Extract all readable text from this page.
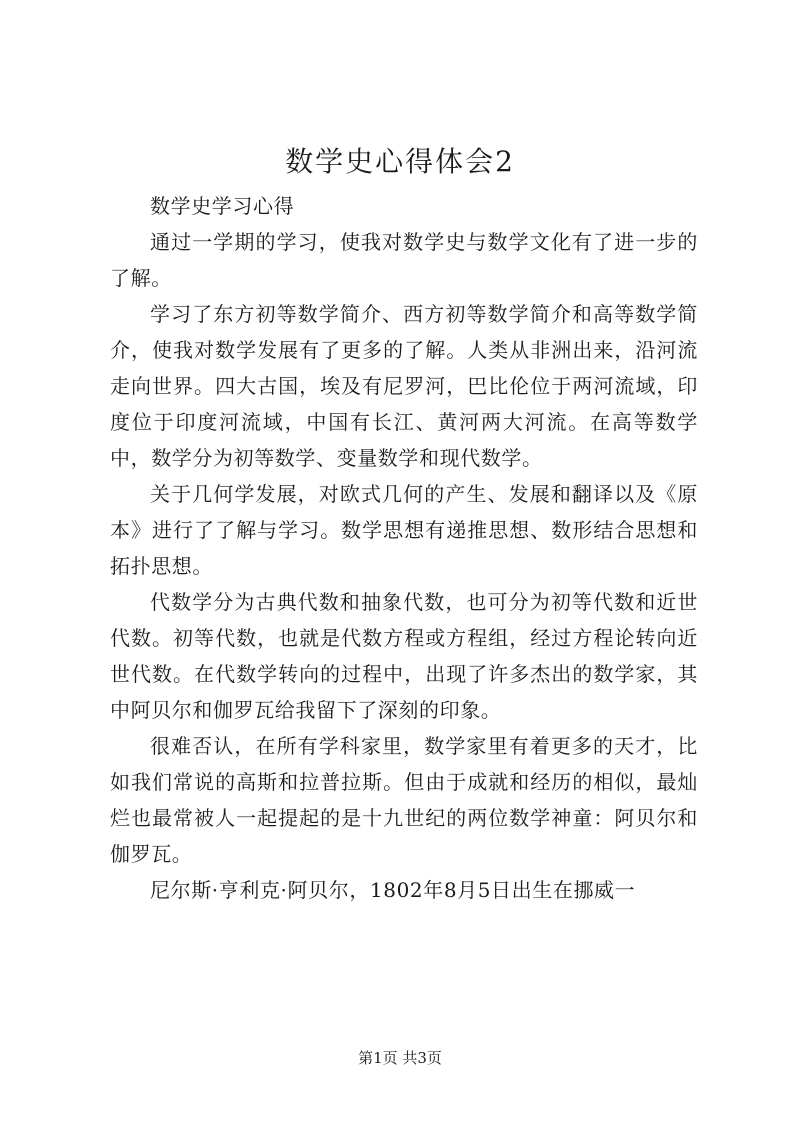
数学史心得体会2

数学史学习心得

通过一学期的学习，使我对数学史与数学文化有了进一步的了解。

学习了东方初等数学简介、西方初等数学简介和高等数学简介，使我对数学发展有了更多的了解。人类从非洲出来，沿河流走向世界。四大古国，埃及有尼罗河，巴比伦位于两河流域，印度位于印度河流域，中国有长江、黄河两大河流。在高等数学中，数学分为初等数学、变量数学和现代数学。

关于几何学发展，对欧式几何的产生、发展和翻译以及《原本》进行了了解与学习。数学思想有递推思想、数形结合思想和拓扑思想。

代数学分为古典代数和抽象代数，也可分为初等代数和近世代数。初等代数，也就是代数方程或方程组，经过方程论转向近世代数。在代数学转向的过程中，出现了许多杰出的数学家，其中阿贝尔和伽罗瓦给我留下了深刻的印象。

很难否认，在所有学科家里，数学家里有着更多的天才，比如我们常说的高斯和拉普拉斯。但由于成就和经历的相似，最灿烂也最常被人一起提起的是十九世纪的两位数学神童：阿贝尔和伽罗瓦。

尼尔斯·亨利克·阿贝尔，1802年8月5日出生在挪威一

第1页 共3页
